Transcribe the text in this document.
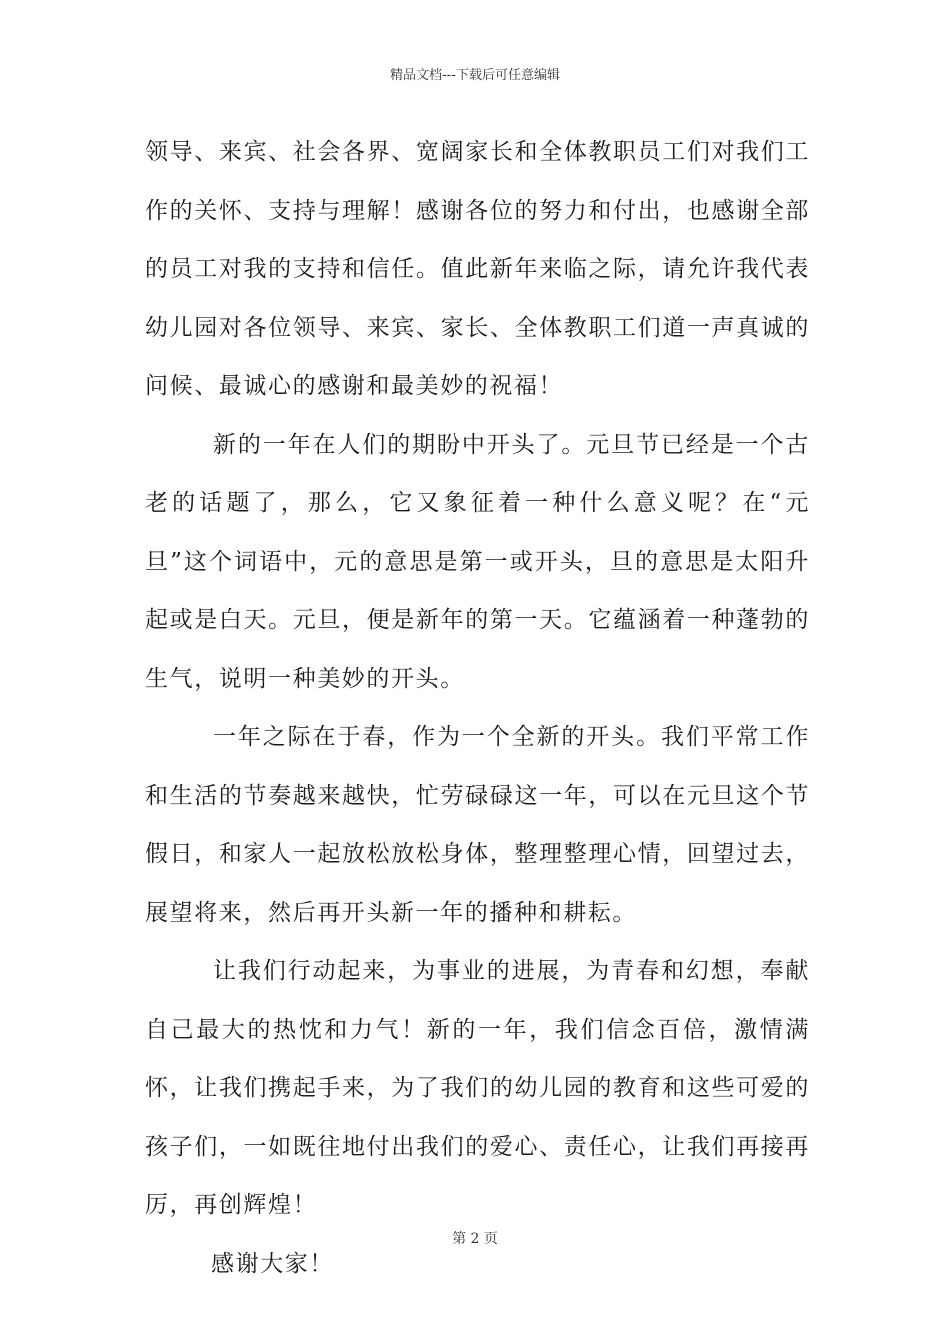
精品文档---下载后可任意编辑

领导、来宾、社会各界、宽阔家长和全体教职员工们对我们工作的关怀、支持与理解！感谢各位的努力和付出，也感谢全部的员工对我的支持和信任。值此新年来临之际，请允许我代表幼儿园对各位领导、来宾、家长、全体教职工们道一声真诚的问候、最诚心的感谢和最美妙的祝福！

新的一年在人们的期盼中开头了。元旦节已经是一个古老的话题了，那么，它又象征着一种什么意义呢？在“元旦”这个词语中，元的意思是第一或开头，旦的意思是太阳升起或是白天。元旦，便是新年的第一天。它蕴涵着一种蓬勃的生气，说明一种美妙的开头。

一年之际在于春，作为一个全新的开头。我们平常工作和生活的节奏越来越快，忙劳碌碌这一年，可以在元旦这个节假日，和家人一起放松放松身体，整理整理心情，回望过去，展望将来，然后再开头新一年的播种和耕耘。

让我们行动起来，为事业的进展，为青春和幻想，奉献自己最大的热忱和力气！新的一年，我们信念百倍，激情满怀，让我们携起手来，为了我们的幼儿园的教育和这些可爱的孩子们，一如既往地付出我们的爱心、责任心，让我们再接再厉，再创辉煌！

感谢大家！

第 2 页
